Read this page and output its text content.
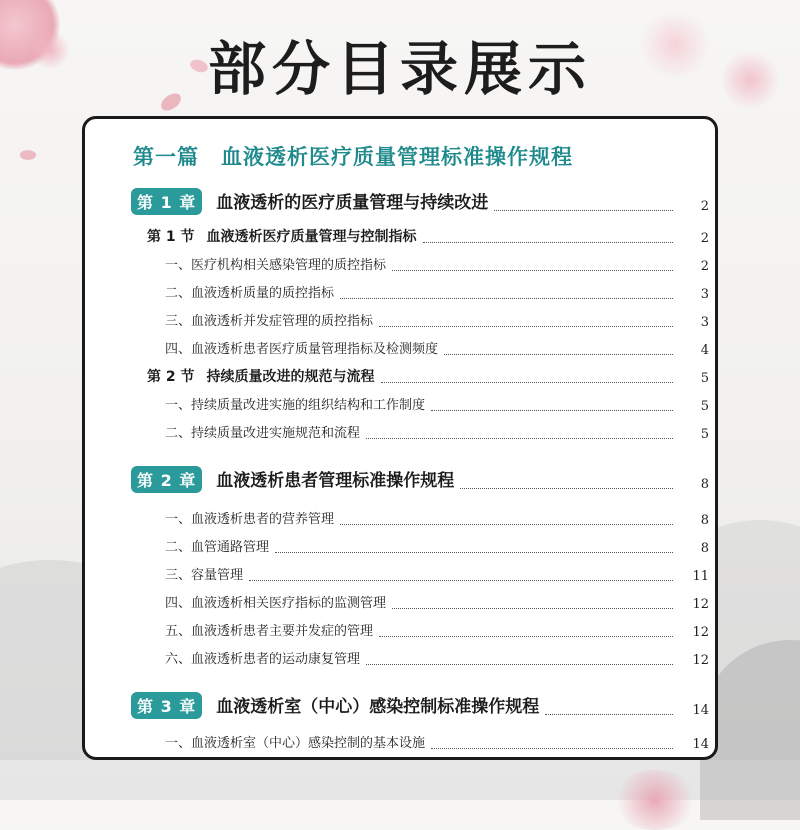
部分目录展示
第一篇　血液透析医疗质量管理标准操作规程
第 1 章 血液透析的医疗质量管理与持续改进	2
第 1 节 血液透析医疗质量管理与控制指标	2
一、医疗机构相关感染管理的质控指标	2
二、血液透析质量的质控指标	3
三、血液透析并发症管理的质控指标	3
四、血液透析患者医疗质量管理指标及检测频度	4
第 2 节 持续质量改进的规范与流程	5
一、持续质量改进实施的组织结构和工作制度	5
二、持续质量改进实施规范和流程	5
第 2 章 血液透析患者管理标准操作规程	8
一、血液透析患者的营养管理	8
二、血管通路管理	8
三、容量管理	11
四、血液透析相关医疗指标的监测管理	12
五、血液透析患者主要并发症的管理	12
六、血液透析患者的运动康复管理	12
第 3 章 血液透析室（中心）感染控制标准操作规程	14
一、血液透析室（中心）感染控制的基本设施	14
